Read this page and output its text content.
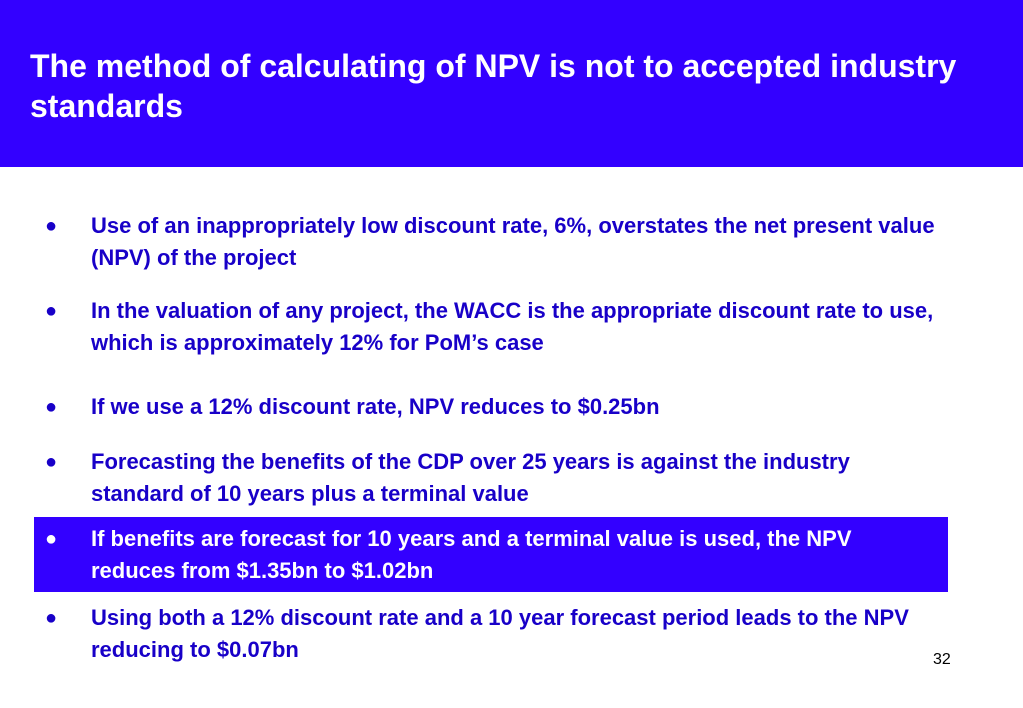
The method of calculating of NPV is not to accepted industry standards
● Use of an inappropriately low discount rate, 6%, overstates the net present value (NPV) of the project
● In the valuation of any project, the WACC is the appropriate discount rate to use, which is approximately 12% for PoM’s case
● If we use a 12% discount rate, NPV reduces to $0.25bn
● Forecasting the benefits of the CDP over 25 years is against the industry standard of 10 years plus a terminal value
● If benefits are forecast for 10 years and a terminal value is used, the NPV reduces from $1.35bn to $1.02bn
● Using both a 12% discount rate and a 10 year forecast period leads to the NPV reducing to $0.07bn	32
